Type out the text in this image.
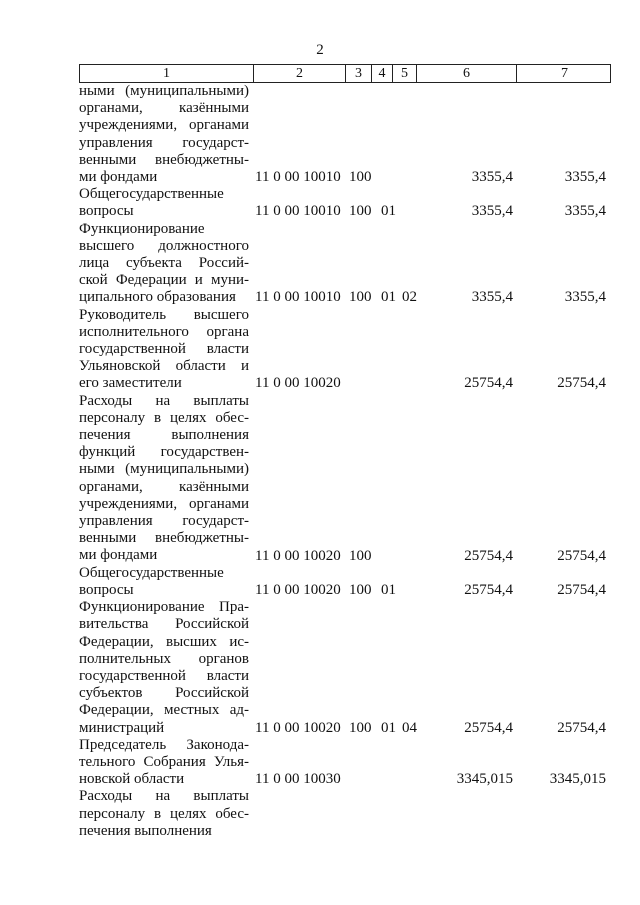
2
1	2	3	4	5	6	7
ными (муниципальными) органами, казёнными учреждениями, органами управления государст- венными внебюджетны- ми фондами	11 0 00 10010 100	3355,4	3355,4
Общегосударственные вопросы	11 0 00 10010 100 01	3355,4	3355,4
Функционирование высшего должностного лица субъекта Россий- ской Федерации и муни- ципального образования	11 0 00 10010 100 01 02	3355,4	3355,4
Руководитель высшего исполнительного органа государственной власти Ульяновской области и его заместители	11 0 00 10020	25754,4	25754,4
Расходы на выплаты персоналу в целях обес- печения выполнения функций государствен- ными (муниципальными) органами, казёнными учреждениями, органами управления государст- венными внебюджетны- ми фондами	11 0 00 10020 100	25754,4	25754,4
Общегосударственные вопросы	11 0 00 10020 100 01	25754,4	25754,4
Функционирование Пра- вительства Российской Федерации, высших ис- полнительных органов государственной власти субъектов Российской Федерации, местных ад- министраций	11 0 00 10020 100 01 04	25754,4	25754,4
Председатель Законода- тельного Собрания Улья- новской области	11 0 00 10030	3345,015 3345,015
Расходы на выплаты персоналу в целях обес- печения выполнения
